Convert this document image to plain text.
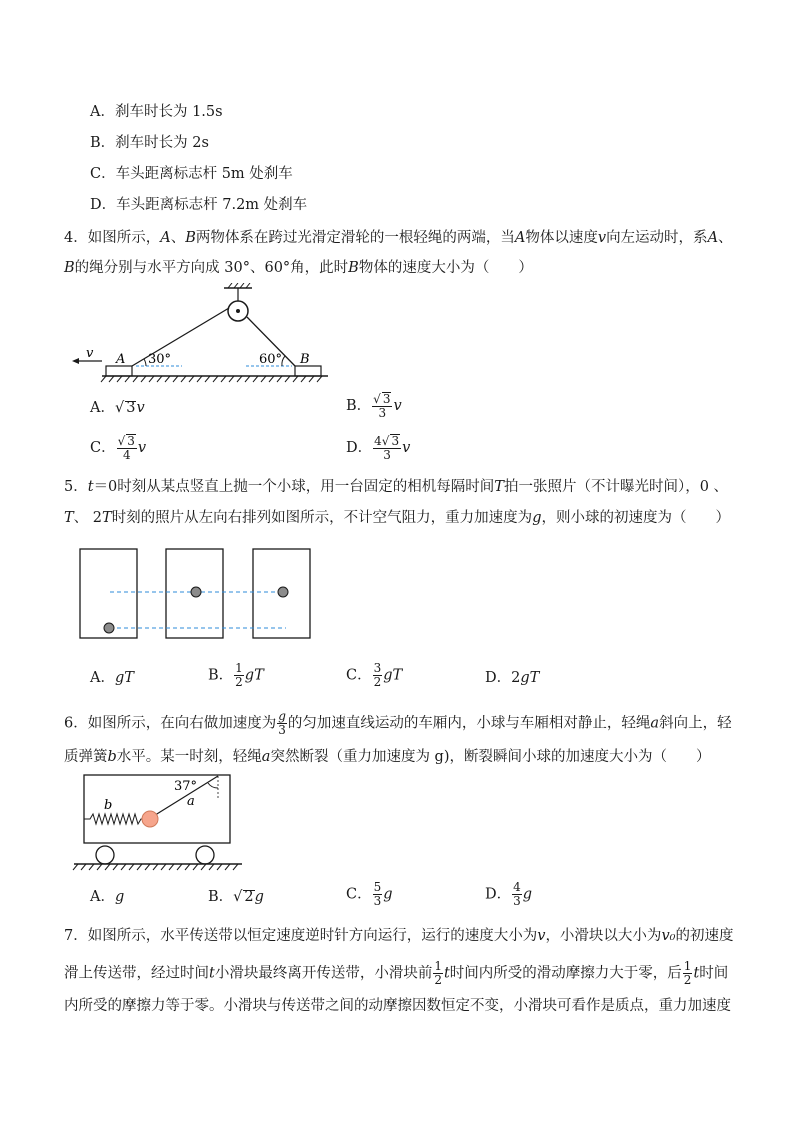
A．刹车时长为 1.5s
B．刹车时长为 2s
C．车头距离标志杆 5m 处刹车
D．车头距离标志杆 7.2m 处刹车
4．如图所示，A、B两物体系在跨过光滑定滑轮的一根轻绳的两端，当A物体以速度v向左运动时，系A、
B的绳分别与水平方向成 30°、60°角，此时B物体的速度大小为（　　）
v A	B
30°	60°
A．√ 3v	B． $\frac{√ 3}{3}$ v
C． $\frac{√ 3}{4}$ v	D． $\frac{4√ 3}{3}$ v
5．t＝0时刻从某点竖直上抛一个小球，用一台固定的相机每隔时间T拍一张照片（不计曝光时间），0 、
T、 2T时刻的照片从左向右排列如图所示，不计空气阻力，重力加速度为g，则小球的初速度为（　　）
A．gT	B． $\frac{1}{2}$ gT	C． $\frac{3}{2}$ gT	D．2gT
6．如图所示，在向右做加速度为 $\frac{g}{3}$ 的匀加速直线运动的车厢内，小球与车厢相对静止，轻绳a斜向上，轻
质弹簧b水平。某一时刻，轻绳a突然断裂（重力加速度为 g)，断裂瞬间小球的加速度大小为（　　）
37°
a
b
A．g	B．√ 2g	C． $\frac{5}{3}$ g	D． $\frac{4}{3}$ g
7．如图所示，水平传送带以恒定速度逆时针方向运行，运行的速度大小为v，小滑块以大小为v₀的初速度
滑上传送带，经过时间t小滑块最终离开传送带，小滑块前 $\frac{1}{2}$ t时间内所受的滑动摩擦力大于零，后 $\frac{1}{2}$ t时间
内所受的摩擦力等于零。小滑块与传送带之间的动摩擦因数恒定不变，小滑块可看作是质点，重力加速度
